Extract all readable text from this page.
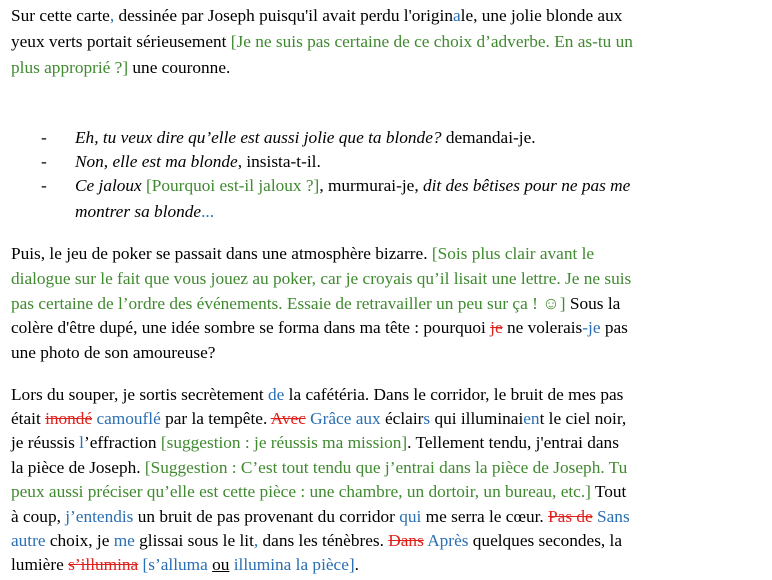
Sur cette carte, dessinée par Joseph puisqu'il avait perdu l'originale, une jolie blonde aux
yeux verts portait sérieusement [Je ne suis pas certaine de ce choix d’adverbe. En as-tu un
plus approprié ?] une couronne.
- Eh, tu veux dire qu’elle est aussi jolie que ta blonde? demandai-je.
- Non, elle est ma blonde, insista-t-il.
- Ce jaloux [Pourquoi est-il jaloux ?], murmurai-je, dit des bêtises pour ne pas me
montrer sa blonde...
Puis, le jeu de poker se passait dans une atmosphère bizarre. [Sois plus clair avant le
dialogue sur le fait que vous jouez au poker, car je croyais qu’il lisait une lettre. Je ne suis
pas certaine de l’ordre des événements. Essaie de retravailler un peu sur ça ! ☺] Sous la
colère d'être dupé, une idée sombre se forma dans ma tête : pourquoi je ne volerais-je pas
une photo de son amoureuse?
Lors du souper, je sortis secrètement de la cafétéria. Dans le corridor, le bruit de mes pas
était inondé camouflé par la tempête. Avec Grâce aux éclairs qui illuminaient le ciel noir,
je réussis l’effraction [suggestion : je réussis ma mission]. Tellement tendu, j'entrai dans
la pièce de Joseph. [Suggestion : C’est tout tendu que j’entrai dans la pièce de Joseph. Tu
peux aussi préciser qu’elle est cette pièce : une chambre, un dortoir, un bureau, etc.] Tout
à coup, j’entendis un bruit de pas provenant du corridor qui me serra le cœur. Pas de Sans
autre choix, je me glissai sous le lit, dans les ténèbres. Dans Après quelques secondes, la
lumière s’illumina [s’alluma ou illumina la pièce].
